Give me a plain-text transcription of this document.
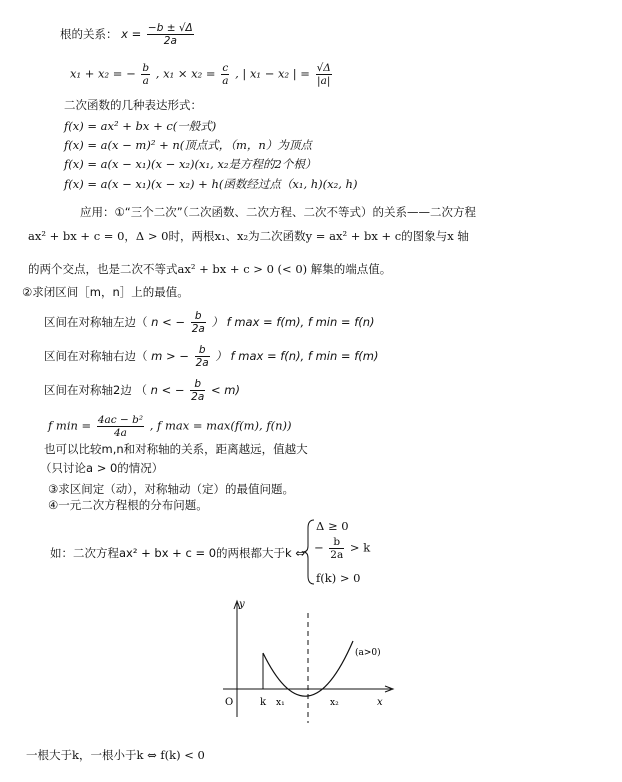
根的关系： $x = \frac{-b \pm √\Delta}{2a}$
x₁ + x₂ = − $\frac{b}{a}$ , $x_1 \times x_2 = \frac{c}{a}$ , | x₁ − x₂ | = $\frac{√\Delta}{|a|}$
二次函数的几种表达形式：
f(x) = ax² + bx + c(一般式)
f(x) = a(x − m)² + n(顶点式，（m，n）为顶点
f(x) = a(x − x₁)(x − x₂)(x₁, x₂是方程的2个根）
f(x) = a(x − x₁)(x − x₂) + h(函数经过点（x₁, h)(x₂, h)
应用：①“三个二次”（二次函数、二次方程、二次不等式）的关系——二次方程
ax² + bx + c = 0，Δ > 0时，两根x₁、x₂为二次函数y = ax² + bx + c的图象与x 轴
的两个交点，也是二次不等式ax² + bx + c > 0 (< 0) 解集的端点值。
②求闭区间［m，n］上的最值。
区间在对称轴左边（ n < − $\frac{b}{2a}$ ） f max = f(m), f min = f(n)
区间在对称轴右边（ m > − $\frac{b}{2a}$ ） f max = f(n), f min = f(m)
区间在对称轴2边 （ n < − $\frac{b}{2a} < m$)
f $\min = \frac{\text{4ac − b²}}{4a}$ , f max = max(f(m), f(n))
也可以比较m,n和对称轴的关系，距离越远，值越大
（只讨论a > 0的情况）
③求区间定（动），对称轴动（定）的最值问题。
④一元二次方程根的分布问题。
如：二次方程ax² + bx + c = 0的两根都大于k ⇔
Δ ≥ 0
− $\frac{b}{2a} > k$
f(k) > 0
y
x
O	k x₁	x₂
(a>0)
一根大于k，一根小于k ⇔ f(k) < 0
